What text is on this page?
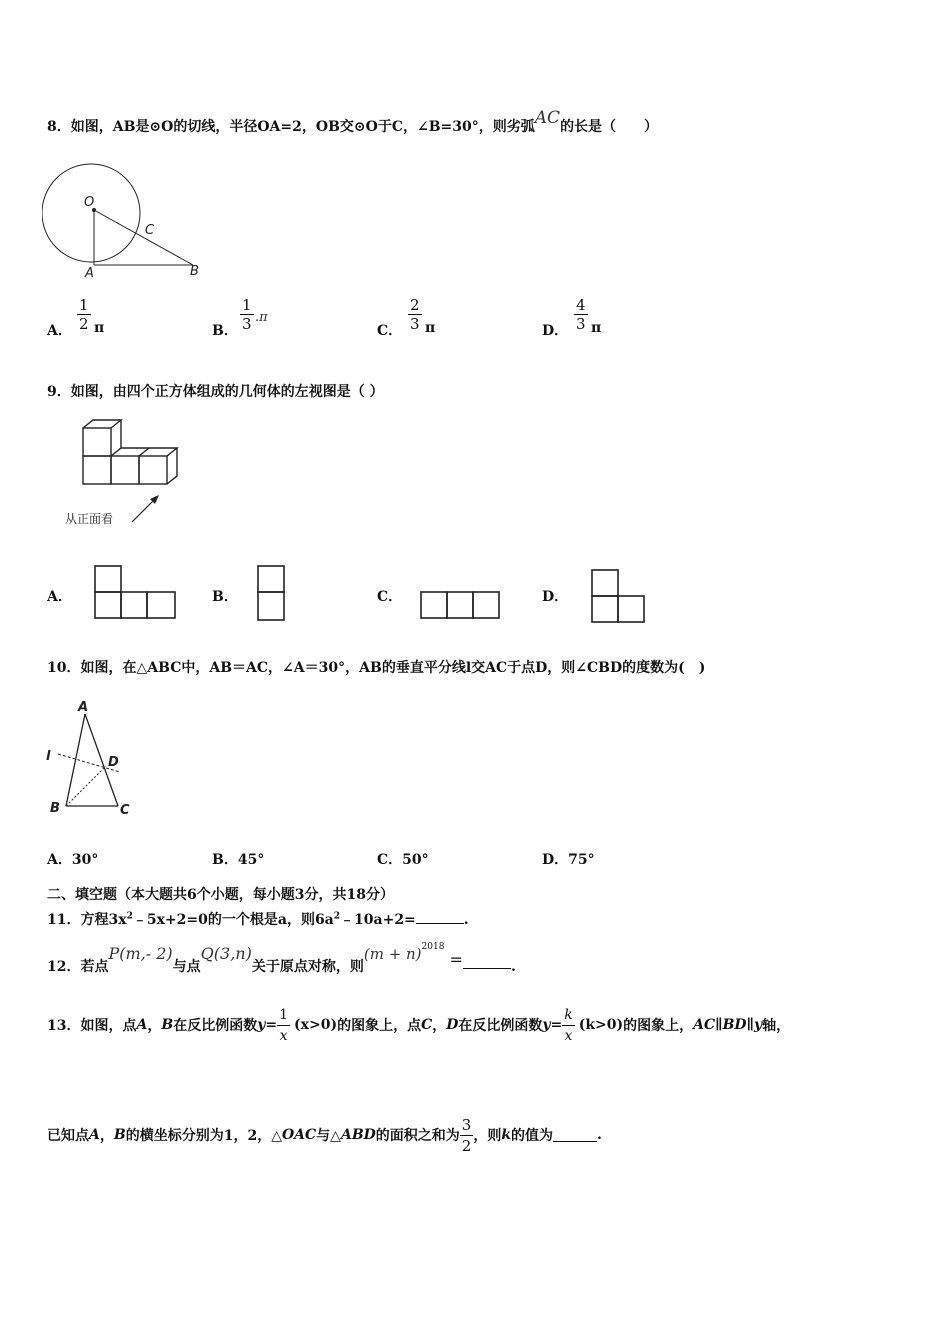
8．如图，AB是⊙O的切线，半径OA=2，OB交⊙O于C，∠B=30°，则劣弧AC的长是（　　）
O
C
A	B
A． $\frac{1}{2}$ π	B． $\frac{1}{3} .\pi$
C． $\frac{2}{3}$ π	D． $\frac{4}{3}$ π
9．如图，由四个正方体组成的几何体的左视图是（ ）
从正面看
A．	B．	C．	D．
10．如图，在△ABC中，AB＝AC，∠A＝30°，AB的垂直平分线l交AC于点D，则∠CBD的度数为(　)
A
l	D
B	C
A．30°	B．45°	C．50°	D．75°
二、填空题（本大题共6个小题，每小题3分，共18分）
11．方程$3x^2﹣5x+2=0$的一个根是a，则$6a^2﹣10a+2=$	.
12．若点P(m,- 2)与点Q(3,n)关于原点对称，则$(m + n)^{2018}$ =	.
13．如图，点 A ， B 在反比例函数 $y = \frac{1}{x} (x>0)$ 的图象上，点 C ， D 在反比例函数 $y = \frac{k}{x} (k>0)$ 的图象上， AC∥BD∥y 轴，
已知点 A ， B 的横坐标分别为1，2，△ OAC 与△ ABD 的面积之和为 $\frac{3}{2}$ ，则 k 的值为	.
